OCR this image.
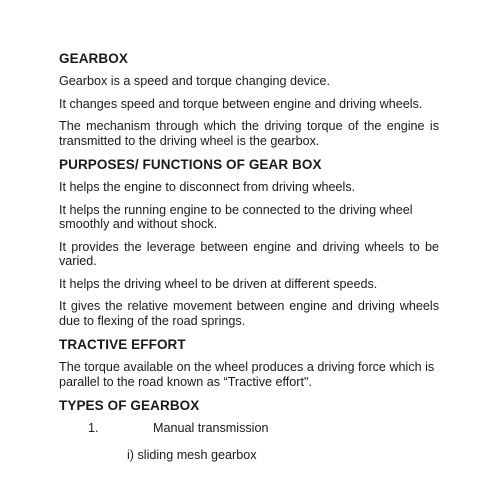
GEARBOX

Gearbox is a speed and torque changing device.

It changes speed and torque between engine and driving wheels.

The mechanism through which the driving torque of the engine is transmitted to the driving wheel is the gearbox.

PURPOSES/ FUNCTIONS OF GEAR BOX

It helps the engine to disconnect from driving wheels.

It helps the running engine to be connected to the driving wheel smoothly and without shock.

It provides the leverage between engine and driving wheels to be varied.

It helps the driving wheel to be driven at different speeds.

It gives the relative movement between engine and driving wheels due to flexing of the road springs.

TRACTIVE EFFORT

The torque available on the wheel produces a driving force which is parallel to the road known as “Tractive effort".

TYPES OF GEARBOX
1.	Manual transmission
i) sliding mesh gearbox
